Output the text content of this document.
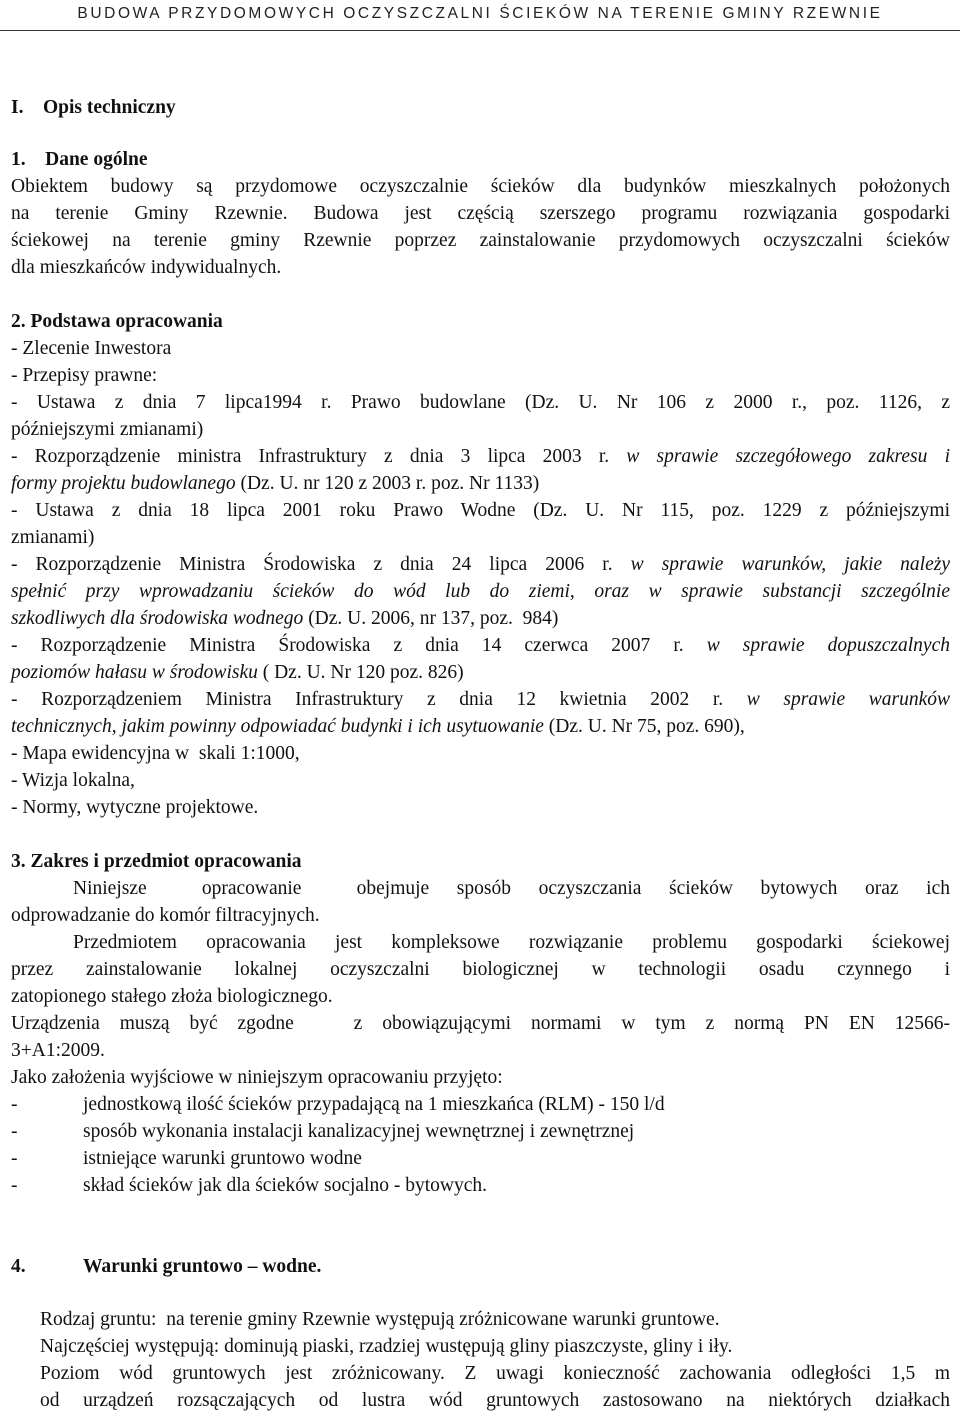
BUDOWA PRZYDOMOWYCH OCZYSZCZALNI ŚCIEKÓW NA TERENIE GMINY RZEWNIE

I.    Opis techniczny

1.    Dane ogólne

Obiektem budowy są przydomowe oczyszczalnie ścieków dla budynków mieszkalnych położonych

na terenie Gminy Rzewnie. Budowa jest częścią szerszego programu rozwiązania gospodarki

ściekowej na terenie gminy Rzewnie poprzez zainstalowanie przydomowych oczyszczalni ścieków

dla mieszkańców indywidualnych.

2. Podstawa opracowania

- Zlecenie Inwestora

- Przepisy prawne:

- Ustawa z dnia 7 lipca1994 r. Prawo budowlane (Dz. U. Nr 106 z 2000 r., poz. 1126, z

późniejszymi zmianami)

- Rozporządzenie ministra Infrastruktury z dnia 3 lipca 2003 r. w sprawie szczegółowego zakresu i

formy projektu budowlanego (Dz. U. nr 120 z 2003 r. poz. Nr 1133)

- Ustawa z dnia 18 lipca 2001 roku Prawo Wodne (Dz. U. Nr 115, poz. 1229 z późniejszymi

zmianami)

- Rozporządzenie Ministra Środowiska z dnia 24 lipca 2006 r. w sprawie warunków, jakie należy

spełnić przy wprowadzaniu ścieków do wód lub do ziemi, oraz w sprawie substancji szczególnie

szkodliwych dla środowiska wodnego (Dz. U. 2006, nr 137, poz.  984)

- Rozporządzenie Ministra Środowiska z dnia 14 czerwca 2007 r. w sprawie dopuszczalnych

poziomów hałasu w środowisku ( Dz. U. Nr 120 poz. 826)

- Rozporządzeniem Ministra Infrastruktury z dnia 12 kwietnia 2002 r. w sprawie warunków

technicznych, jakim powinny odpowiadać budynki i ich usytuowanie (Dz. U. Nr 75, poz. 690),

- Mapa ewidencyjna w  skali 1:1000,

- Wizja lokalna,

- Normy, wytyczne projektowe.

3. Zakres i przedmiot opracowania

Niniejsze  opracowanie  obejmuje sposób oczyszczania ścieków bytowych oraz ich

odprowadzanie do komór filtracyjnych.

Przedmiotem opracowania jest kompleksowe rozwiązanie problemu gospodarki ściekowej

przez zainstalowanie lokalnej oczyszczalni biologicznej w technologii osadu czynnego i

zatopionego stałego złoża biologicznego.

Urządzenia muszą być zgodne   z obowiązującymi normami w tym z normą PN EN 12566-

3+A1:2009.

Jako założenia wyjściowe w niniejszym opracowaniu przyjęto:

-	jednostkową ilość ścieków przypadającą na 1 mieszkańca (RLM) - 150 l/d
-	sposób wykonania instalacji kanalizacyjnej wewnętrznej i zewnętrznej
-	istniejące warunki gruntowo wodne
-	skład ścieków jak dla ścieków socjalno - bytowych.

4.	Warunki gruntowo – wodne.

Rodzaj gruntu:  na terenie gminy Rzewnie występują zróżnicowane warunki gruntowe.

Najczęściej występują: dominują piaski, rzadziej wustępują gliny piaszczyste, gliny i iły.

Poziom wód gruntowych jest zróżnicowany. Z uwagi konieczność zachowania odległości 1,5 m

od urządzeń rozsączających od lustra wód gruntowych zastosowano na niektórych działkach
